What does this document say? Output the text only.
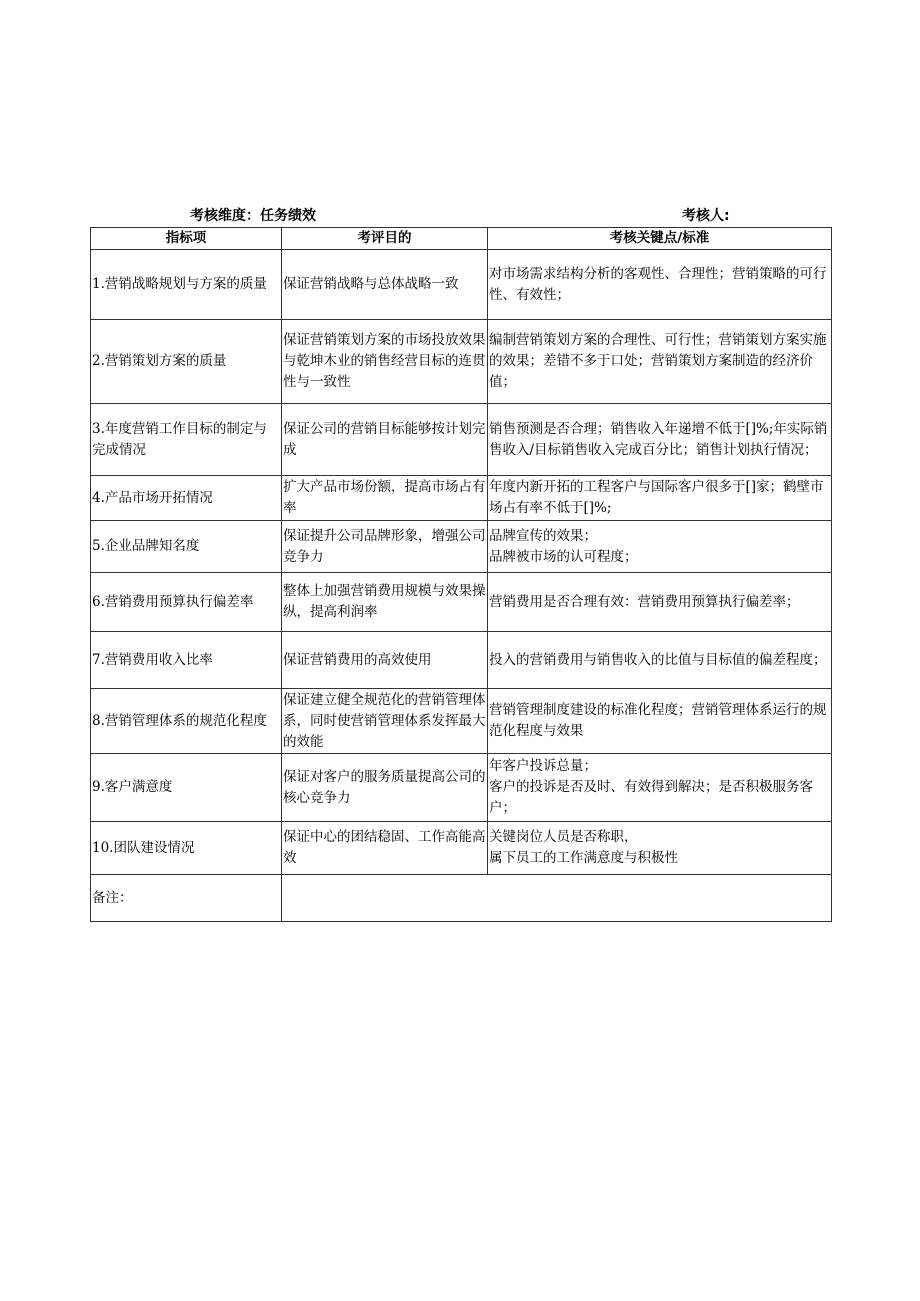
考核维度：任务绩效	考核人:
指标项	考评目的	考核关键点/标准
1.营销战略规划与方案的质量	保证营销战略与总体战略一致	对市场需求结构分析的客观性、合理性；营销策略的可行性、有效性；

2.营销策划方案的质量	保证营销策划方案的市场投放效果与乾坤木业的销售经营目标的连贯性与一致性	编制营销策划方案的合理性、可行性；营销策划方案实施的效果；差错不多于口处；营销策划方案制造的经济价值；

3.年度营销工作目标的制定与完成情况	保证公司的营销目标能够按计划完成	销售预测是否合理；销售收入年递增不低于[]%;年实际销售收入/目标销售收入完成百分比；销售计划执行情况；

4.产品市场开拓情况	扩大产品市场份额，提高市场占有率	年度内新开拓的工程客户与国际客户很多于[]家；鹤壁市场占有率不低于[]%;

5.企业品牌知名度	保证提升公司品牌形象，增强公司竞争力	品牌宣传的效果；
品牌被市场的认可程度；

6.营销费用预算执行偏差率	整体上加强营销费用规模与效果操纵，提高利润率	营销费用是否合理有效：营销费用预算执行偏差率；

7.营销费用收入比率	保证营销费用的高效使用	投入的营销费用与销售收入的比值与目标值的偏差程度；

8.营销管理体系的规范化程度	保证建立健全规范化的营销管理体系，同时使营销管理体系发挥最大的效能	营销管理制度建设的标准化程度；营销管理体系运行的规范化程度与效果

9.客户满意度	保证对客户的服务质量提高公司的核心竞争力	年客户投诉总量；
客户的投诉是否及时、有效得到解决；是否积极服务客户；

10.团队建设情况	保证中心的团结稳固、工作高能高效	关键岗位人员是否称职，
属下员工的工作满意度与积极性

备注：		
